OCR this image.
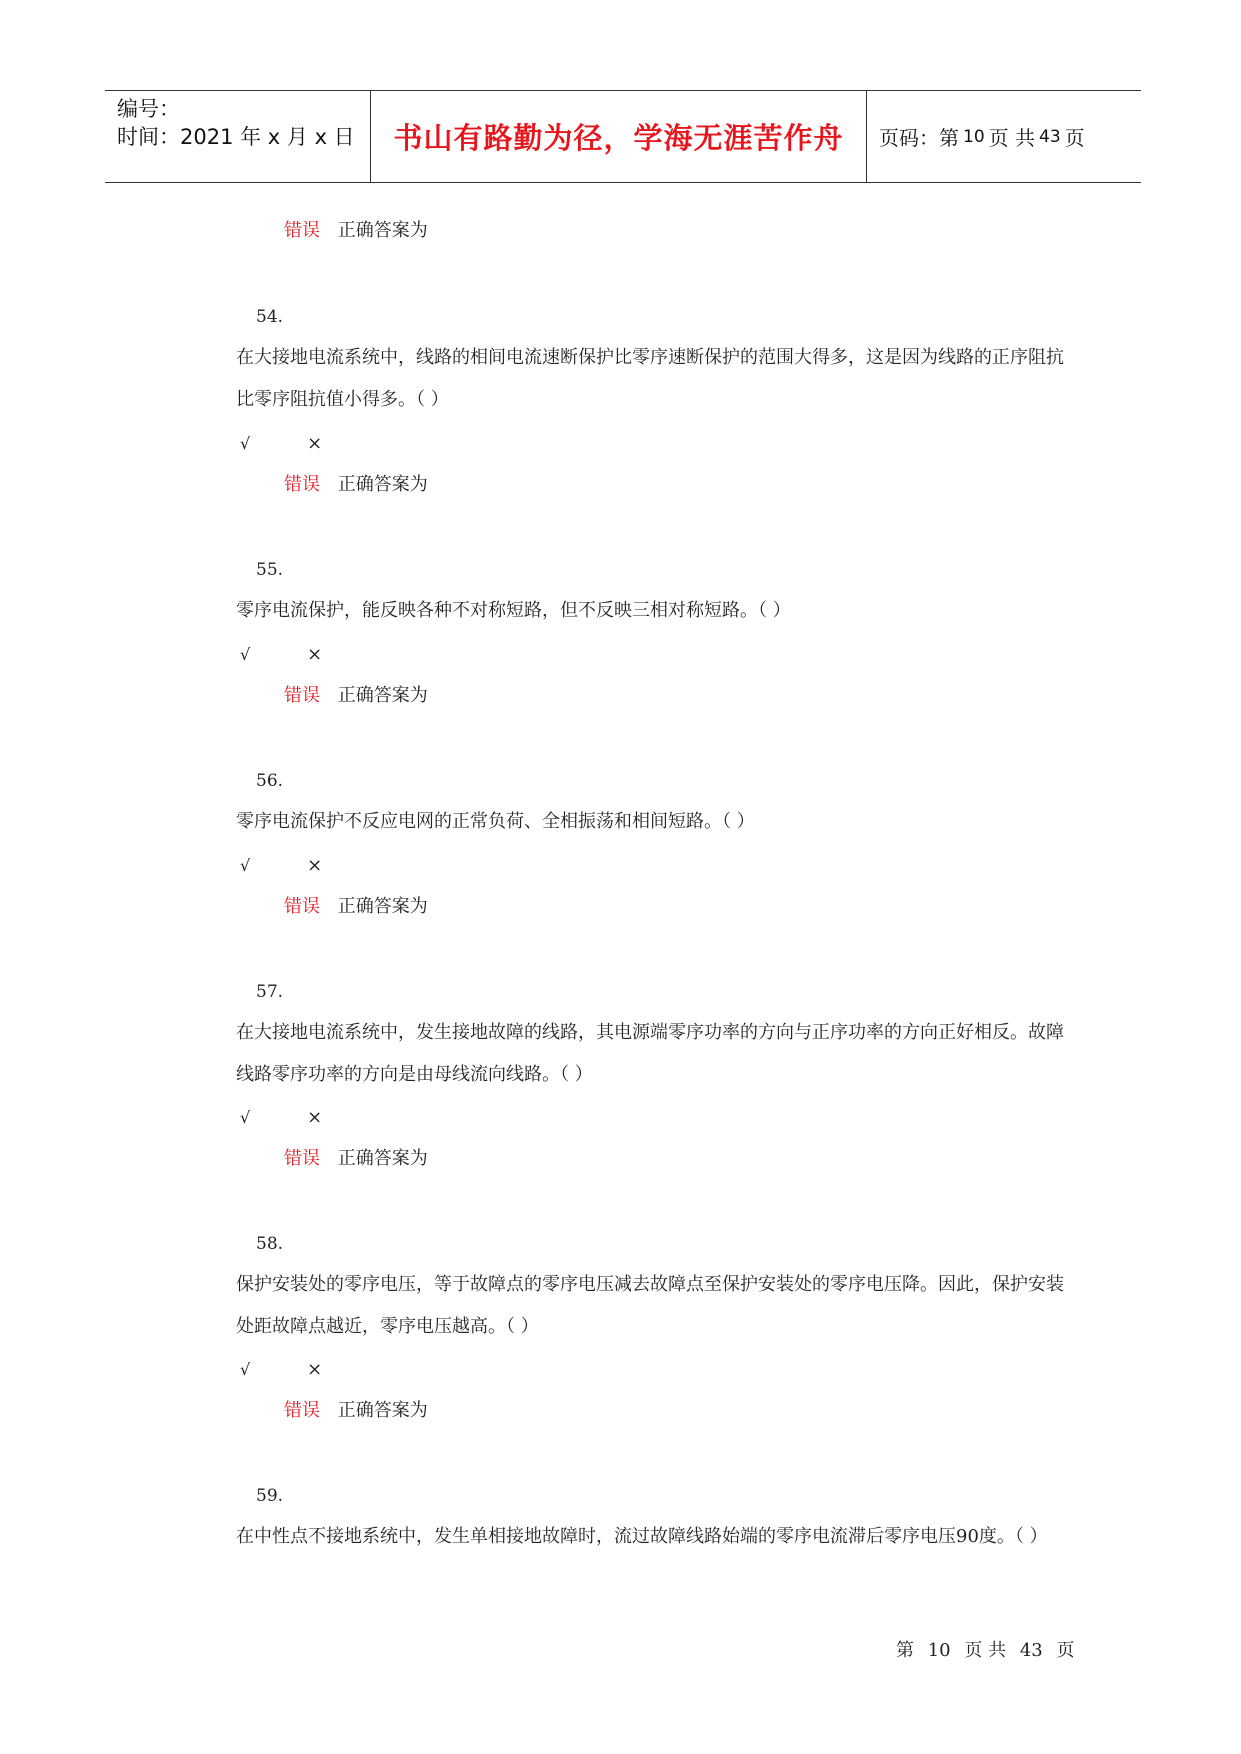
编号：
时间：2021 年 x 月 x 日 书山有路勤为径，学海无涯苦作舟 页码：第 10 页 共 43 页
错误 正确答案为
54.
在大接地电流系统中，线路的相间电流速断保护比零序速断保护的范围大得多，这是因为线路的正序阻抗比零序阻抗值小得多。（ ）
√	×
错误 正确答案为
55.
零序电流保护，能反映各种不对称短路，但不反映三相对称短路。（ ）
√	×
错误 正确答案为
56.
零序电流保护不反应电网的正常负荷、全相振荡和相间短路。（ ）
√	×
错误 正确答案为
57.
在大接地电流系统中，发生接地故障的线路，其电源端零序功率的方向与正序功率的方向正好相反。故障线路零序功率的方向是由母线流向线路。（ ）
√	×
错误 正确答案为
58.
保护安装处的零序电压，等于故障点的零序电压减去故障点至保护安装处的零序电压降。因此，保护安装处距故障点越近，零序电压越高。（ ）
√	×
错误 正确答案为
59.
在中性点不接地系统中，发生单相接地故障时，流过故障线路始端的零序电流滞后零序电压90度。（ ）
第 10 页 共 43 页
